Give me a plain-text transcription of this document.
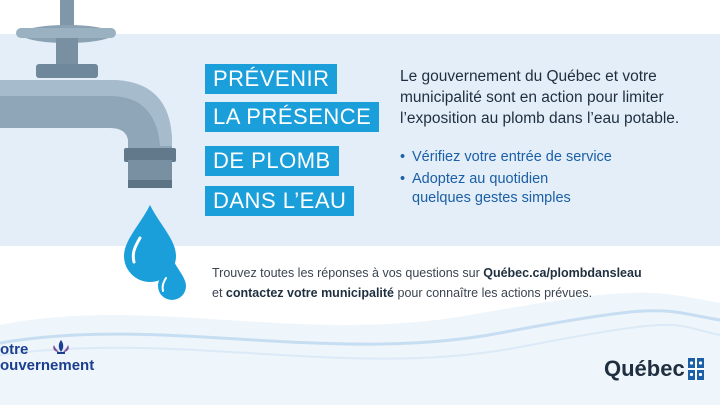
PRÉVENIR
LA PRÉSENCE
DE PLOMB
DANS L’EAU
Le gouvernement du Québec et votre
municipalité sont en action pour limiter
l’exposition au plomb dans l’eau potable.
• Vérifiez votre entrée de service
• Adoptez au quotidien
quelques gestes simples
Trouvez toutes les réponses à vos questions sur Québec.ca/plombdansleau
et contactez votre municipalité pour connaître les actions prévues.
otre
ouvernement	Québec
